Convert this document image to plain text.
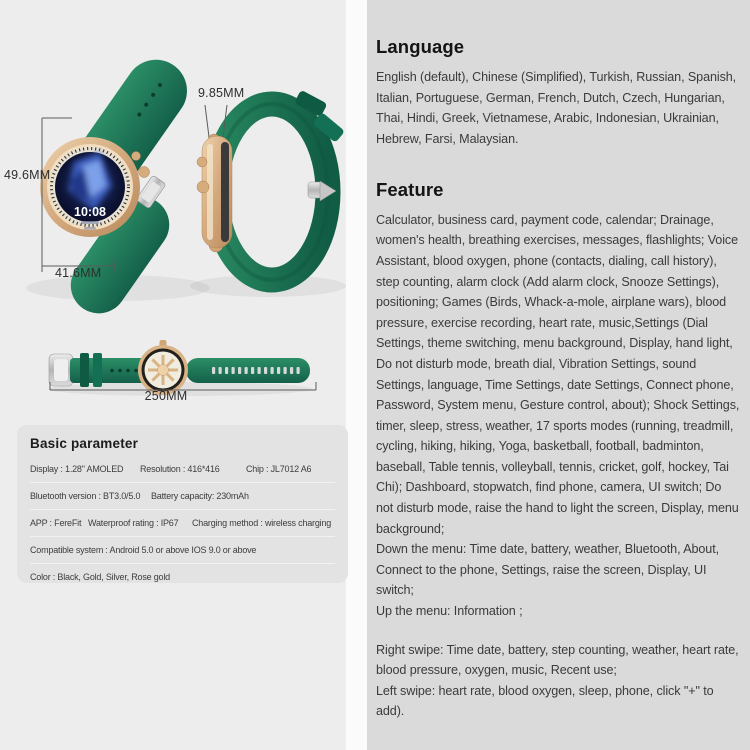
10:08
49.6MM
41.6MM
9.85MM
250MM
Basic parameter
Display : 1.28" AMOLED	Resolution : 416*416	Chip : JL7012 A6
Bluetooth version : BT3.0/5.0	Battery capacity: 230mAh
APP : FereFit Waterproof rating : IP67	Charging method : wireless charging
Compatible system : Android 5.0 or above IOS 9.0 or above
Color : Black, Gold, Silver, Rose gold
Language

English (default), Chinese (Simplified), Turkish, Russian, Spanish, Italian, Portuguese, German, French, Dutch, Czech, Hungarian, Thai, Hindi, Greek, Vietnamese, Arabic, Indonesian, Ukrainian, Hebrew, Farsi, Malaysian.

Feature

Calculator, business card, payment code, calendar; Drainage, women's health, breathing exercises, messages, flashlights; Voice Assistant, blood oxygen, phone (contacts, dialing, call history), step counting, alarm clock (Add alarm clock, Snooze Settings), positioning; Games (Birds, Whack-a-mole, airplane wars), blood pressure, exercise recording, heart rate, music,Settings (Dial Settings, theme switching, menu background, Display, hand light, Do not disturb mode, breath dial, Vibration Settings, sound Settings, language, Time Settings, date Settings, Connect phone, Password, System menu, Gesture control, about); Shock Settings, timer, sleep, stress, weather, 17 sports modes (running, treadmill, cycling, hiking, hiking, Yoga, basketball, football, badminton, baseball, Table tennis, volleyball, tennis, cricket, golf, hockey, Tai Chi); Dashboard, stopwatch, find phone, camera, UI switch; Do not disturb mode, raise the hand to light the screen, Display, menu background;

Down the menu: Time date, battery, weather, Bluetooth, About, Connect to the phone, Settings, raise the screen, Display, UI switch;

Up the menu: Information ;

Right swipe: Time date, battery, step counting, weather, heart rate, blood pressure, oxygen, music, Recent use;

Left swipe: heart rate, blood oxygen, sleep, phone, click "+" to add).
